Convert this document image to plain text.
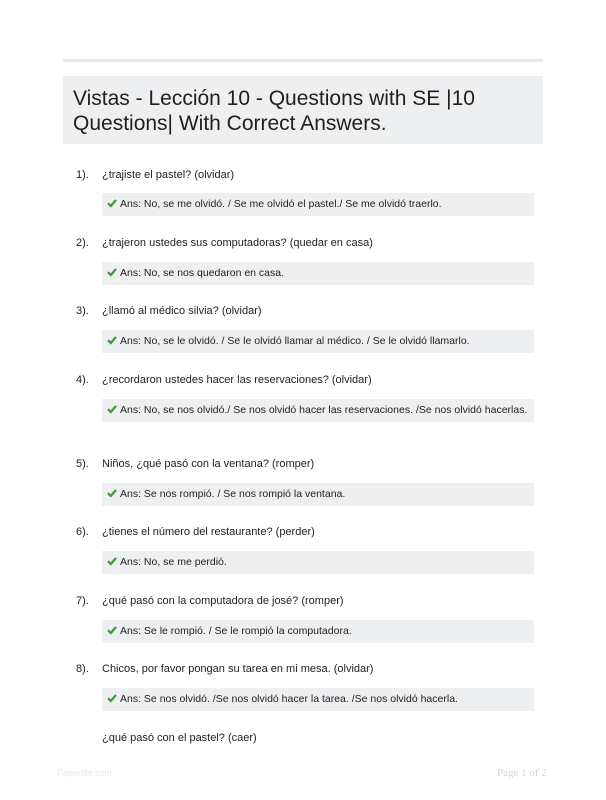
Vistas - Lección 10 - Questions with SE |10 Questions| With Correct Answers.
1). ¿trajiste el pastel? (olvidar)
Ans: No, se me olvidó. / Se me olvidó el pastel./ Se me olvidó traerlo.
2). ¿trajeron ustedes sus computadoras? (quedar en casa)
Ans: No, se nos quedaron en casa.
3). ¿llamó al médico silvia? (olvidar)
Ans: No, se le olvidó. / Se le olvidó llamar al médico. / Se le olvidó llamarlo.
4). ¿recordaron ustedes hacer las reservaciones? (olvidar)
Ans: No, se nos olvidó./ Se nos olvidó hacer las reservaciones. /Se nos olvidó hacerlas.
5). Niños, ¿qué pasó con la ventana? (romper)
Ans: Se nos rompió. / Se nos rompió la ventana.
6). ¿tienes el número del restaurante? (perder)
Ans: No, se me perdió.
7). ¿qué pasó con la computadora de josé? (romper)
Ans: Se le rompió. / Se le rompió la computadora.
8). Chicos, por favor pongan su tarea en mi mesa. (olvidar)
Ans: Se nos olvidó. /Se nos olvidó hacer la tarea. /Se nos olvidó hacerla.
¿qué pasó con el pastel? (caer)
Paperlibr.com	Page 1 of 2
